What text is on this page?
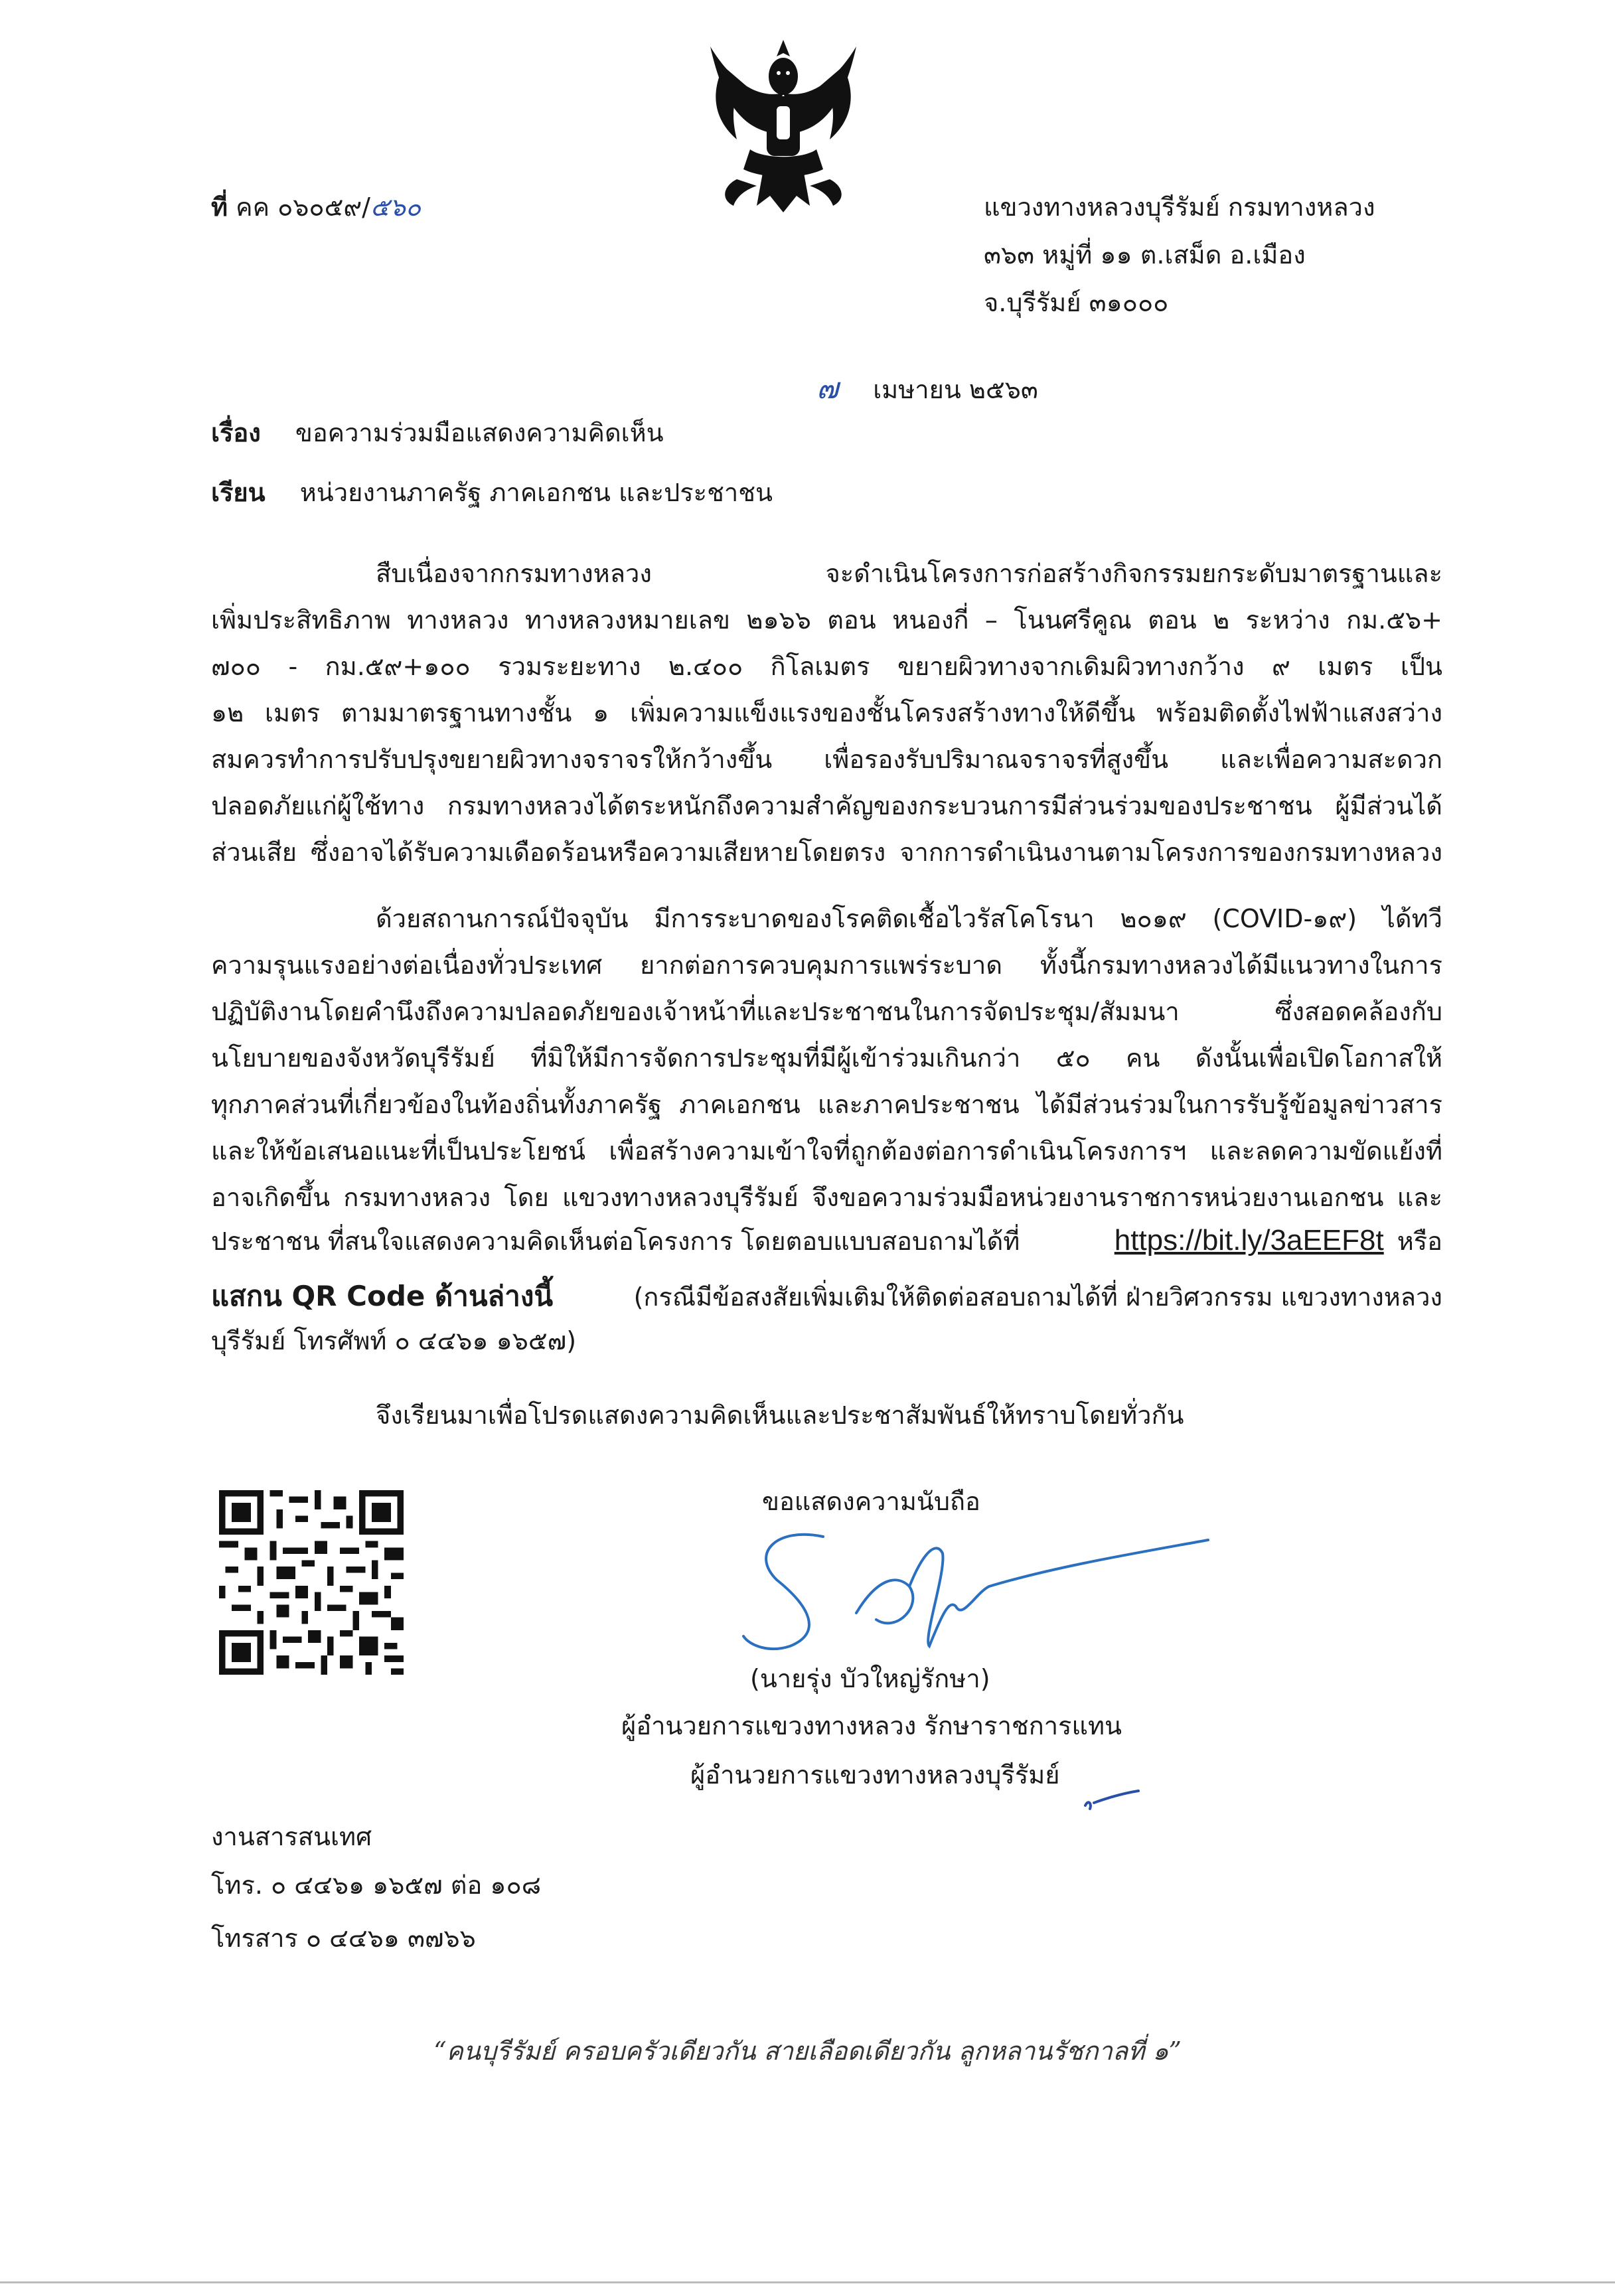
ที่ คค ๐๖๐๕๙/๕๖๐	แขวงทางหลวงบุรีรัมย์ กรมทางหลวง
๓๖๓ หมู่ที่ ๑๑ ต.เสม็ด อ.เมือง
จ.บุรีรัมย์ ๓๑๐๐๐
๗ เมษายน ๒๕๖๓
เรื่อง ขอความร่วมมือแสดงความคิดเห็น
เรียน หน่วยงานภาครัฐ ภาคเอกชน และประชาชน
สืบเนื่องจากกรมทางหลวง จะดำเนินโครงการก่อสร้างกิจกรรมยกระดับมาตรฐานและ
เพิ่มประสิทธิภาพ ทางหลวง ทางหลวงหมายเลข ๒๑๖๖ ตอน หนองกี่ – โนนศรีคูณ ตอน ๒ ระหว่าง กม.๕๖+
๗๐๐ - กม.๕๙+๑๐๐ รวมระยะทาง ๒.๔๐๐ กิโลเมตร ขยายผิวทางจากเดิมผิวทางกว้าง ๙ เมตร เป็น
๑๒ เมตร ตามมาตรฐานทางชั้น ๑ เพิ่มความแข็งแรงของชั้นโครงสร้างทางให้ดีขึ้น พร้อมติดตั้งไฟฟ้าแสงสว่าง
สมควรทำการปรับปรุงขยายผิวทางจราจรให้กว้างขึ้น เพื่อรองรับปริมาณจราจรที่สูงขึ้น และเพื่อความสะดวก
ปลอดภัยแก่ผู้ใช้ทาง กรมทางหลวงได้ตระหนักถึงความสำคัญของกระบวนการมีส่วนร่วมของประชาชน ผู้มีส่วนได้
ส่วนเสีย ซึ่งอาจได้รับความเดือดร้อนหรือความเสียหายโดยตรง จากการดำเนินงานตามโครงการของกรมทางหลวง
ด้วยสถานการณ์ปัจจุบัน มีการระบาดของโรคติดเชื้อไวรัสโคโรนา ๒๐๑๙ (COVID-๑๙) ได้ทวี
ความรุนแรงอย่างต่อเนื่องทั่วประเทศ ยากต่อการควบคุมการแพร่ระบาด ทั้งนี้กรมทางหลวงได้มีแนวทางในการ
ปฏิบัติงานโดยคำนึงถึงความปลอดภัยของเจ้าหน้าที่และประชาชนในการจัดประชุม/สัมมนา ซึ่งสอดคล้องกับ
นโยบายของจังหวัดบุรีรัมย์ ที่มิให้มีการจัดการประชุมที่มีผู้เข้าร่วมเกินกว่า ๕๐ คน ดังนั้นเพื่อเปิดโอกาสให้
ทุกภาคส่วนที่เกี่ยวข้องในท้องถิ่นทั้งภาครัฐ ภาคเอกชน และภาคประชาชน ได้มีส่วนร่วมในการรับรู้ข้อมูลข่าวสาร
และให้ข้อเสนอแนะที่เป็นประโยชน์ เพื่อสร้างความเข้าใจที่ถูกต้องต่อการดำเนินโครงการฯ และลดความขัดแย้งที่
อาจเกิดขึ้น กรมทางหลวง โดย แขวงทางหลวงบุรีรัมย์ จึงขอความร่วมมือหน่วยงานราชการหน่วยงานเอกชน และ
ประชาชน ที่สนใจแสดงความคิดเห็นต่อโครงการ โดยตอบแบบสอบถามได้ที่	https://bit.ly/3aEEF8t หรือ
แสกน QR Code ด้านล่างนี้	(กรณีมีข้อสงสัยเพิ่มเติมให้ติดต่อสอบถามได้ที่ ฝ่ายวิศวกรรม แขวงทางหลวง
บุรีรัมย์ โทรศัพท์ ๐ ๔๔๖๑ ๑๖๕๗)
จึงเรียนมาเพื่อโปรดแสดงความคิดเห็นและประชาสัมพันธ์ให้ทราบโดยทั่วกัน
ขอแสดงความนับถือ
(นายรุ่ง บัวใหญ่รักษา)
ผู้อำนวยการแขวงทางหลวง รักษาราชการแทน
ผู้อำนวยการแขวงทางหลวงบุรีรัมย์
งานสารสนเทศ
โทร. ๐ ๔๔๖๑ ๑๖๕๗ ต่อ ๑๐๘
โทรสาร ๐ ๔๔๖๑ ๓๗๖๖
“คนบุรีรัมย์ ครอบครัวเดียวกัน สายเลือดเดียวกัน ลูกหลานรัชกาลที่ ๑”
